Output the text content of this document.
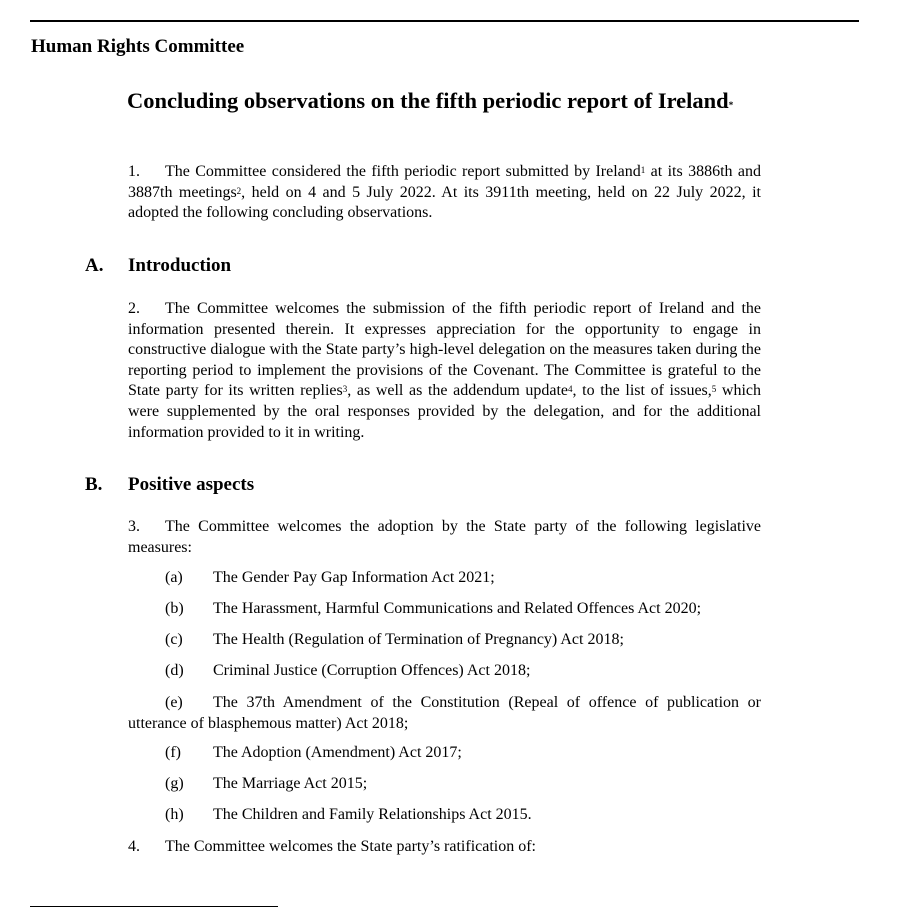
Human Rights Committee
Concluding observations on the fifth periodic report of Ireland*
1. The Committee considered the fifth periodic report submitted by Ireland$^1$ at its 3886th and 3887th meetings$^2$, held on 4 and 5 July 2022. At its 3911th meeting, held on 22 July 2022, it adopted the following concluding observations.
A. Introduction
2. The Committee welcomes the submission of the fifth periodic report of Ireland and the information presented therein. It expresses appreciation for the opportunity to engage in constructive dialogue with the State party’s high-level delegation on the measures taken during the reporting period to implement the provisions of the Covenant. The Committee is grateful to the State party for its written replies$^3$, as well as the addendum update$^4$, to the list of issues,$^5$ which were supplemented by the oral responses provided by the delegation, and for the additional information provided to it in writing.
B. Positive aspects
3. The Committee welcomes the adoption by the State party of the following legislative measures:
(a) The Gender Pay Gap Information Act 2021;
(b) The Harassment, Harmful Communications and Related Offences Act 2020;
(c) The Health (Regulation of Termination of Pregnancy) Act 2018;
(d) Criminal Justice (Corruption Offences) Act 2018;
(e) The 37th Amendment of the Constitution (Repeal of offence of publication or utterance of blasphemous matter) Act 2018;
(f) The Adoption (Amendment) Act 2017;
(g) The Marriage Act 2015;
(h) The Children and Family Relationships Act 2015.
4. The Committee welcomes the State party’s ratification of:
